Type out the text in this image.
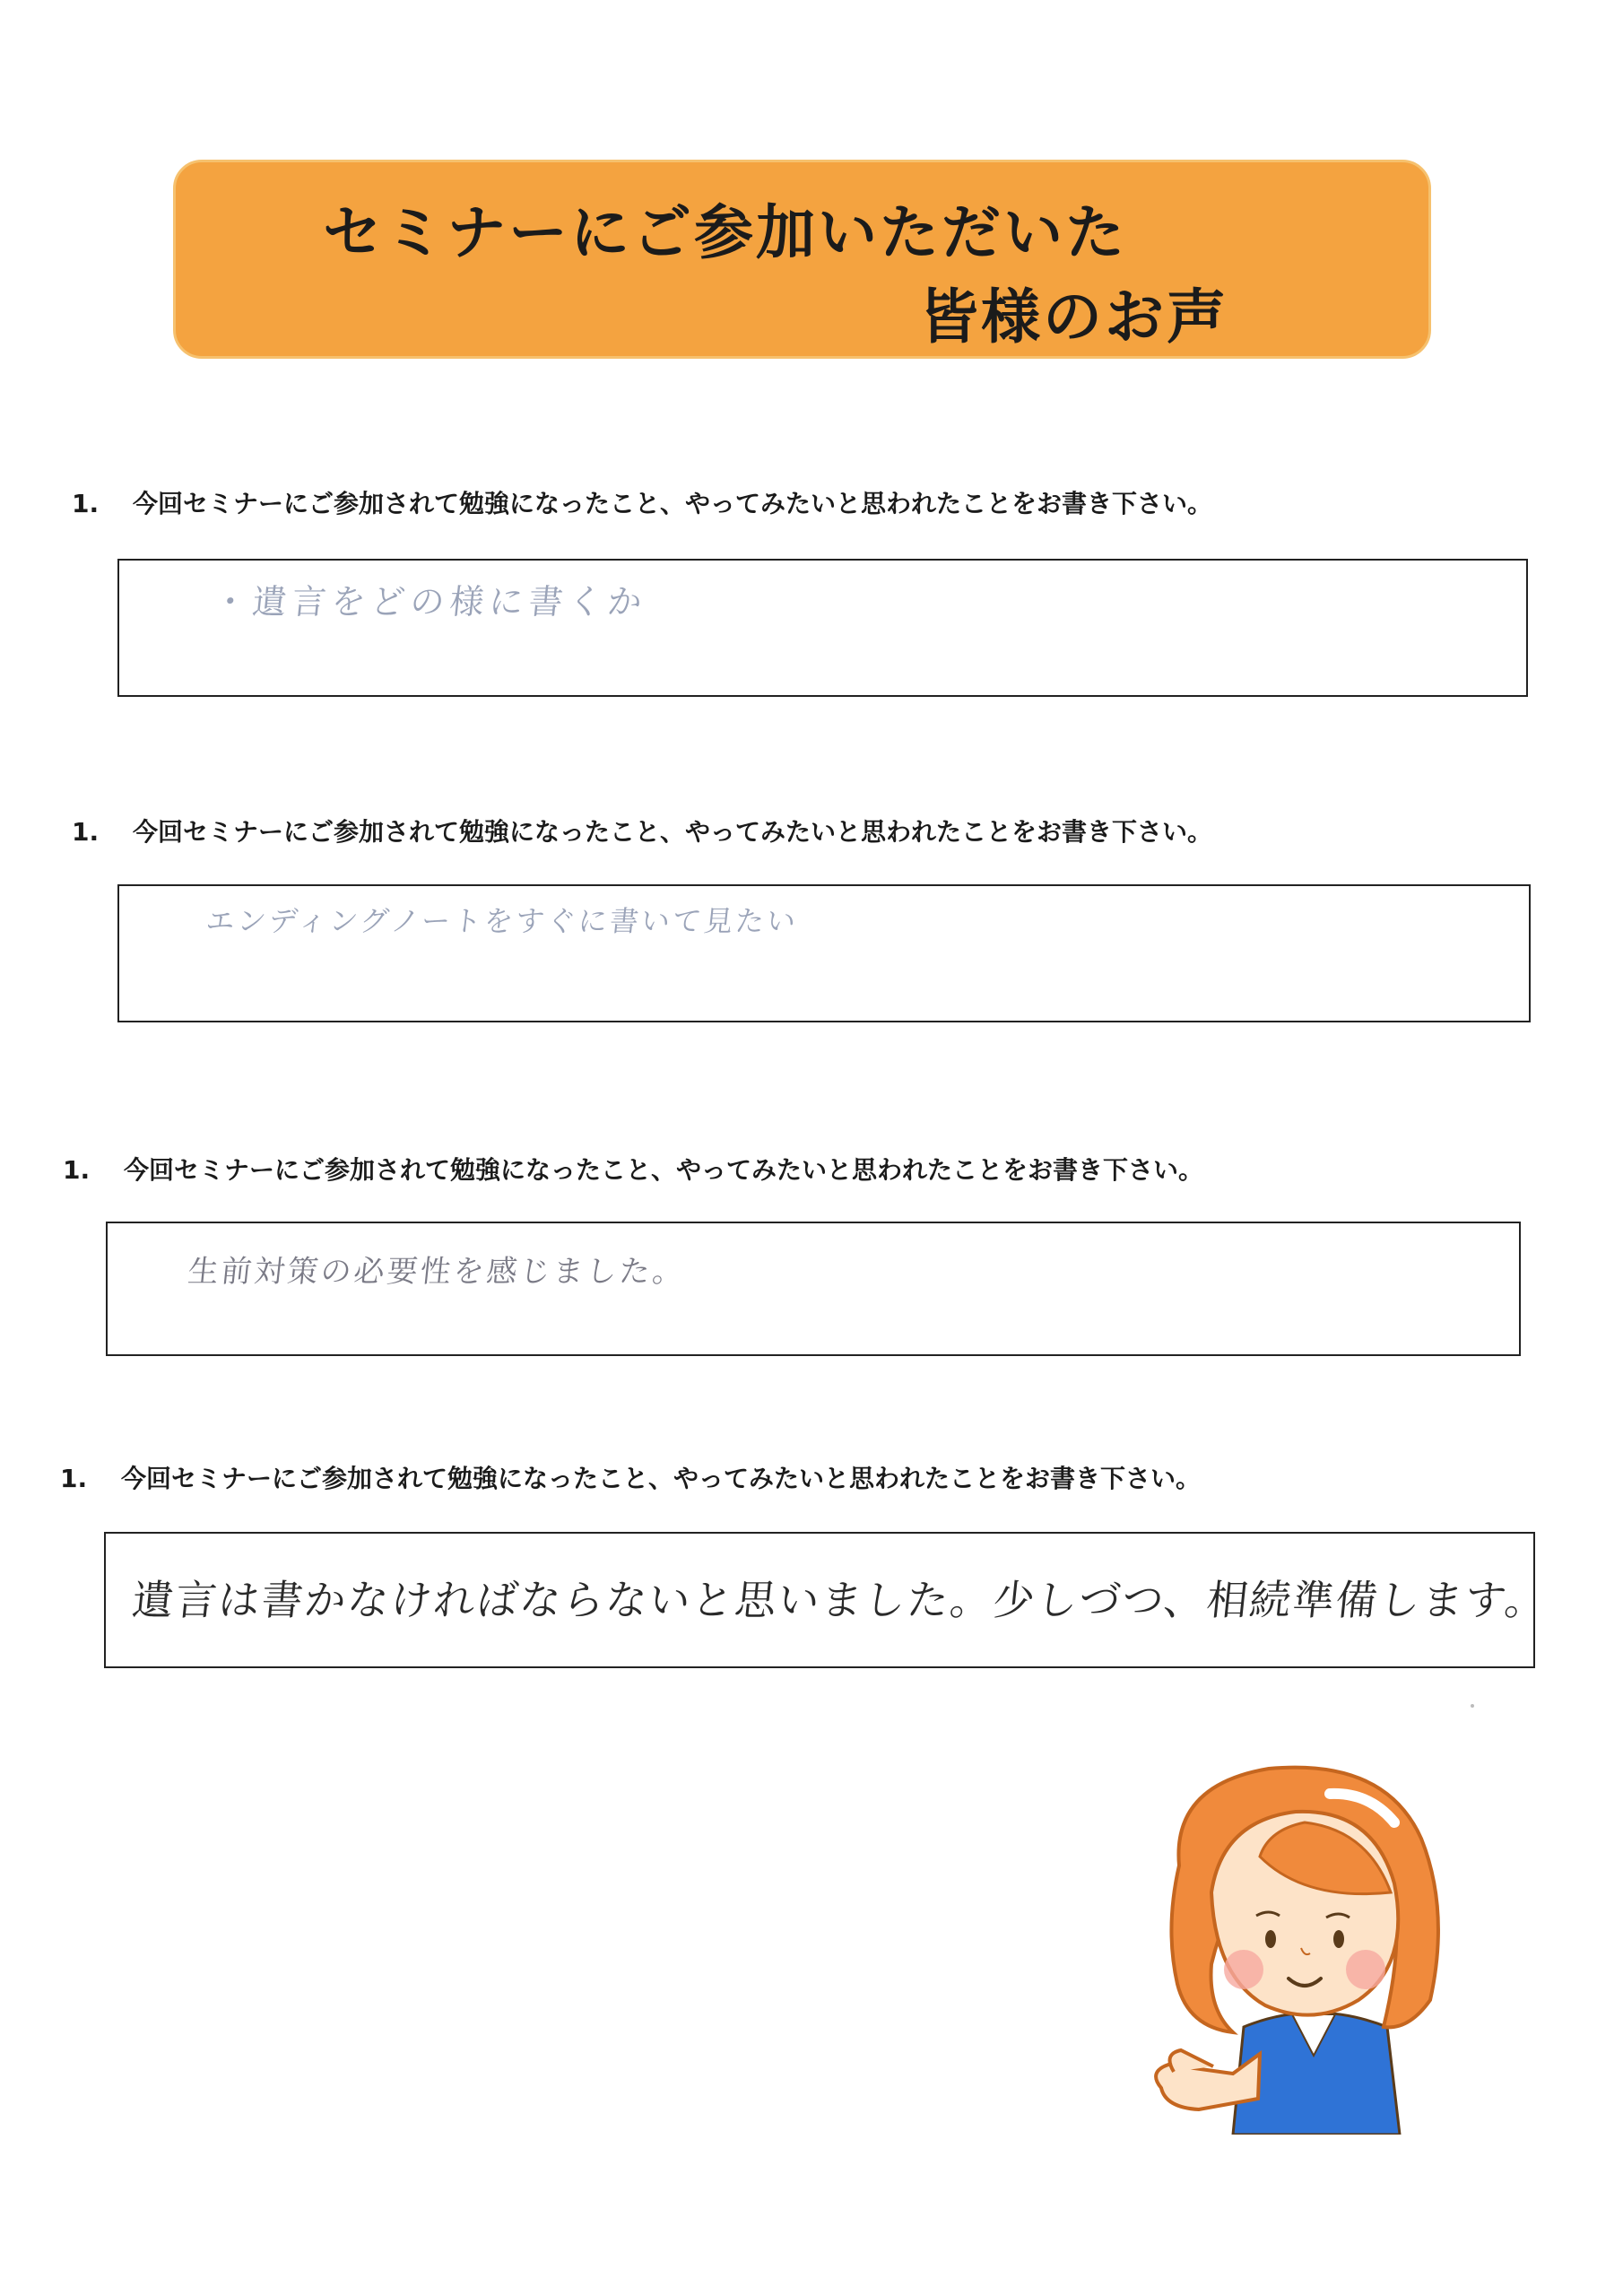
セミナーにご参加いただいた
皆様のお声
1. 今回セミナーにご参加されて勉強になったこと、やってみたいと思われたことをお書き下さい。
・遺言をどの様に書くか
1. 今回セミナーにご参加されて勉強になったこと、やってみたいと思われたことをお書き下さい。
エンディングノートをすぐに書いて見たい
1. 今回セミナーにご参加されて勉強になったこと、やってみたいと思われたことをお書き下さい。
生前対策の必要性を感じました。
1. 今回セミナーにご参加されて勉強になったこと、やってみたいと思われたことをお書き下さい。
遺言は書かなければならないと思いました。少しづつ、相続準備します。
